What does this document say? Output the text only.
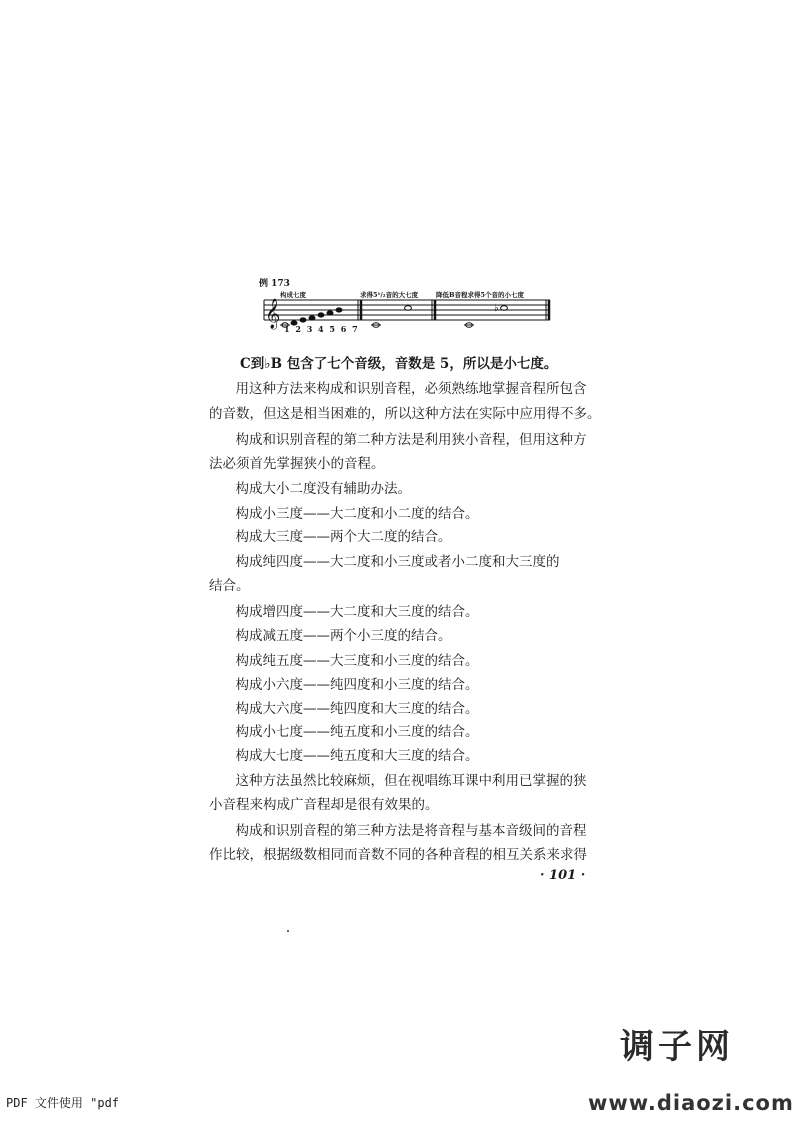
𝄞	♭
例 173
构成七度	求得5¹/₂音的大七度	降低B音程求得5个音的小七度
1 2 3 4 5 6 7
C到♭B 包含了七个音级，音数是 5，所以是小七度。
　用这种方法来构成和识别音程，必须熟练地掌握音程所包含
的音数，但这是相当困难的，所以这种方法在实际中应用得不多。
　构成和识别音程的第二种方法是利用狭小音程，但用这种方
法必须首先掌握狭小的音程。
　构成大小二度没有辅助办法。
　构成小三度——大二度和小二度的结合。
　构成大三度——两个大二度的结合。
　构成纯四度——大二度和小三度或者小二度和大三度的
结合。
　构成增四度——大二度和大三度的结合。
　构成减五度——两个小三度的结合。
　构成纯五度——大三度和小三度的结合。
　构成小六度——纯四度和小三度的结合。
　构成大六度——纯四度和大三度的结合。
　构成小七度——纯五度和小三度的结合。
　构成大七度——纯五度和大三度的结合。
　这种方法虽然比较麻烦，但在视唱练耳课中利用已掌握的狭
小音程来构成广音程却是很有效果的。
　构成和识别音程的第三种方法是将音程与基本音级间的音程
作比较，根据级数相同而音数不同的各种音程的相互关系来求得
· 101 ·
调子网
www.diaozi.com
PDF 文件使用 "pdf
